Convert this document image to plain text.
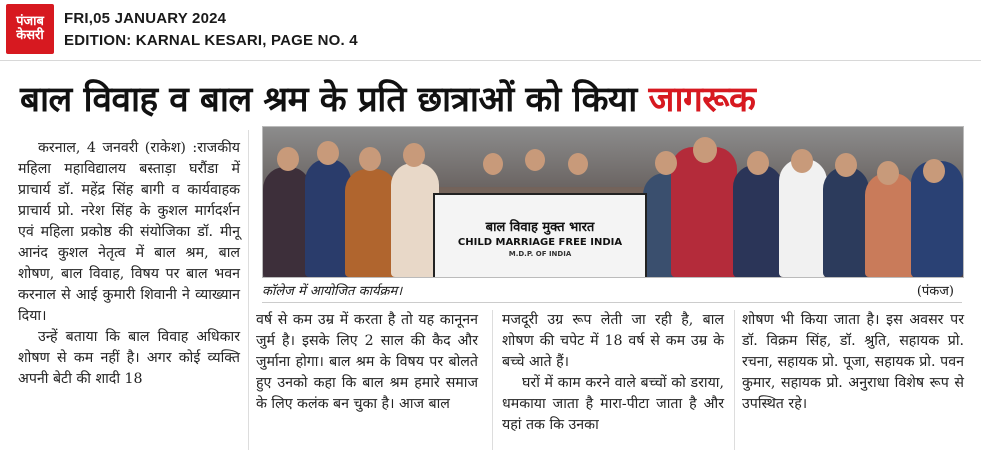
पंजाब
केसरी
FRI,05 JANUARY 2024
EDITION: KARNAL KESARI, PAGE NO. 4
बाल विवाह व बाल श्रम के प्रति छात्राओं को किया जागरूक

करनाल, 4 जनवरी (राकेश) :राजकीय महिला महाविद्यालय बस्ताड़ा घरौंडा में प्राचार्य डॉ. महेंद्र सिंह बागी व कार्यवाहक प्राचार्य प्रो. नरेश सिंह के कुशल मार्गदर्शन एवं महिला प्रकोष्ठ की संयोजिका डॉ. मीनू आनंद कुशल नेतृत्व में बाल श्रम, बाल शोषण, बाल विवाह, विषय पर बाल भवन करनाल से आई कुमारी शिवानी ने व्याख्यान दिया।

उन्हें बताया कि बाल विवाह अधिकार शोषण से कम नहीं है। अगर कोई व्यक्ति अपनी बेटी की शादी 18

बाल विवाह मुक्त भारत
CHILD MARRIAGE FREE INDIA
M.D.P. OF INDIA
कॉलेज में आयोजित कार्यक्रम।	(पंकज)

वर्ष से कम उम्र में करता है तो यह कानूनन जुर्म है। इसके लिए 2 साल की कैद और जुर्माना होगा। बाल श्रम के विषय पर बोलते हुए उनको कहा कि बाल श्रम हमारे समाज के लिए कलंक बन चुका है। आज बाल

मजदूरी उग्र रूप लेती जा रही है, बाल शोषण की चपेट में 18 वर्ष से कम उम्र के बच्चे आते हैं।

घरों में काम करने वाले बच्चों को डराया, धमकाया जाता है मारा-पीटा जाता है और यहां तक कि उनका

शोषण भी किया जाता है। इस अवसर पर डॉ. विक्रम सिंह, डॉ. श्रुति, सहायक प्रो. रचना, सहायक प्रो. पूजा, सहायक प्रो. पवन कुमार, सहायक प्रो. अनुराधा विशेष रूप से उपस्थित रहे।
